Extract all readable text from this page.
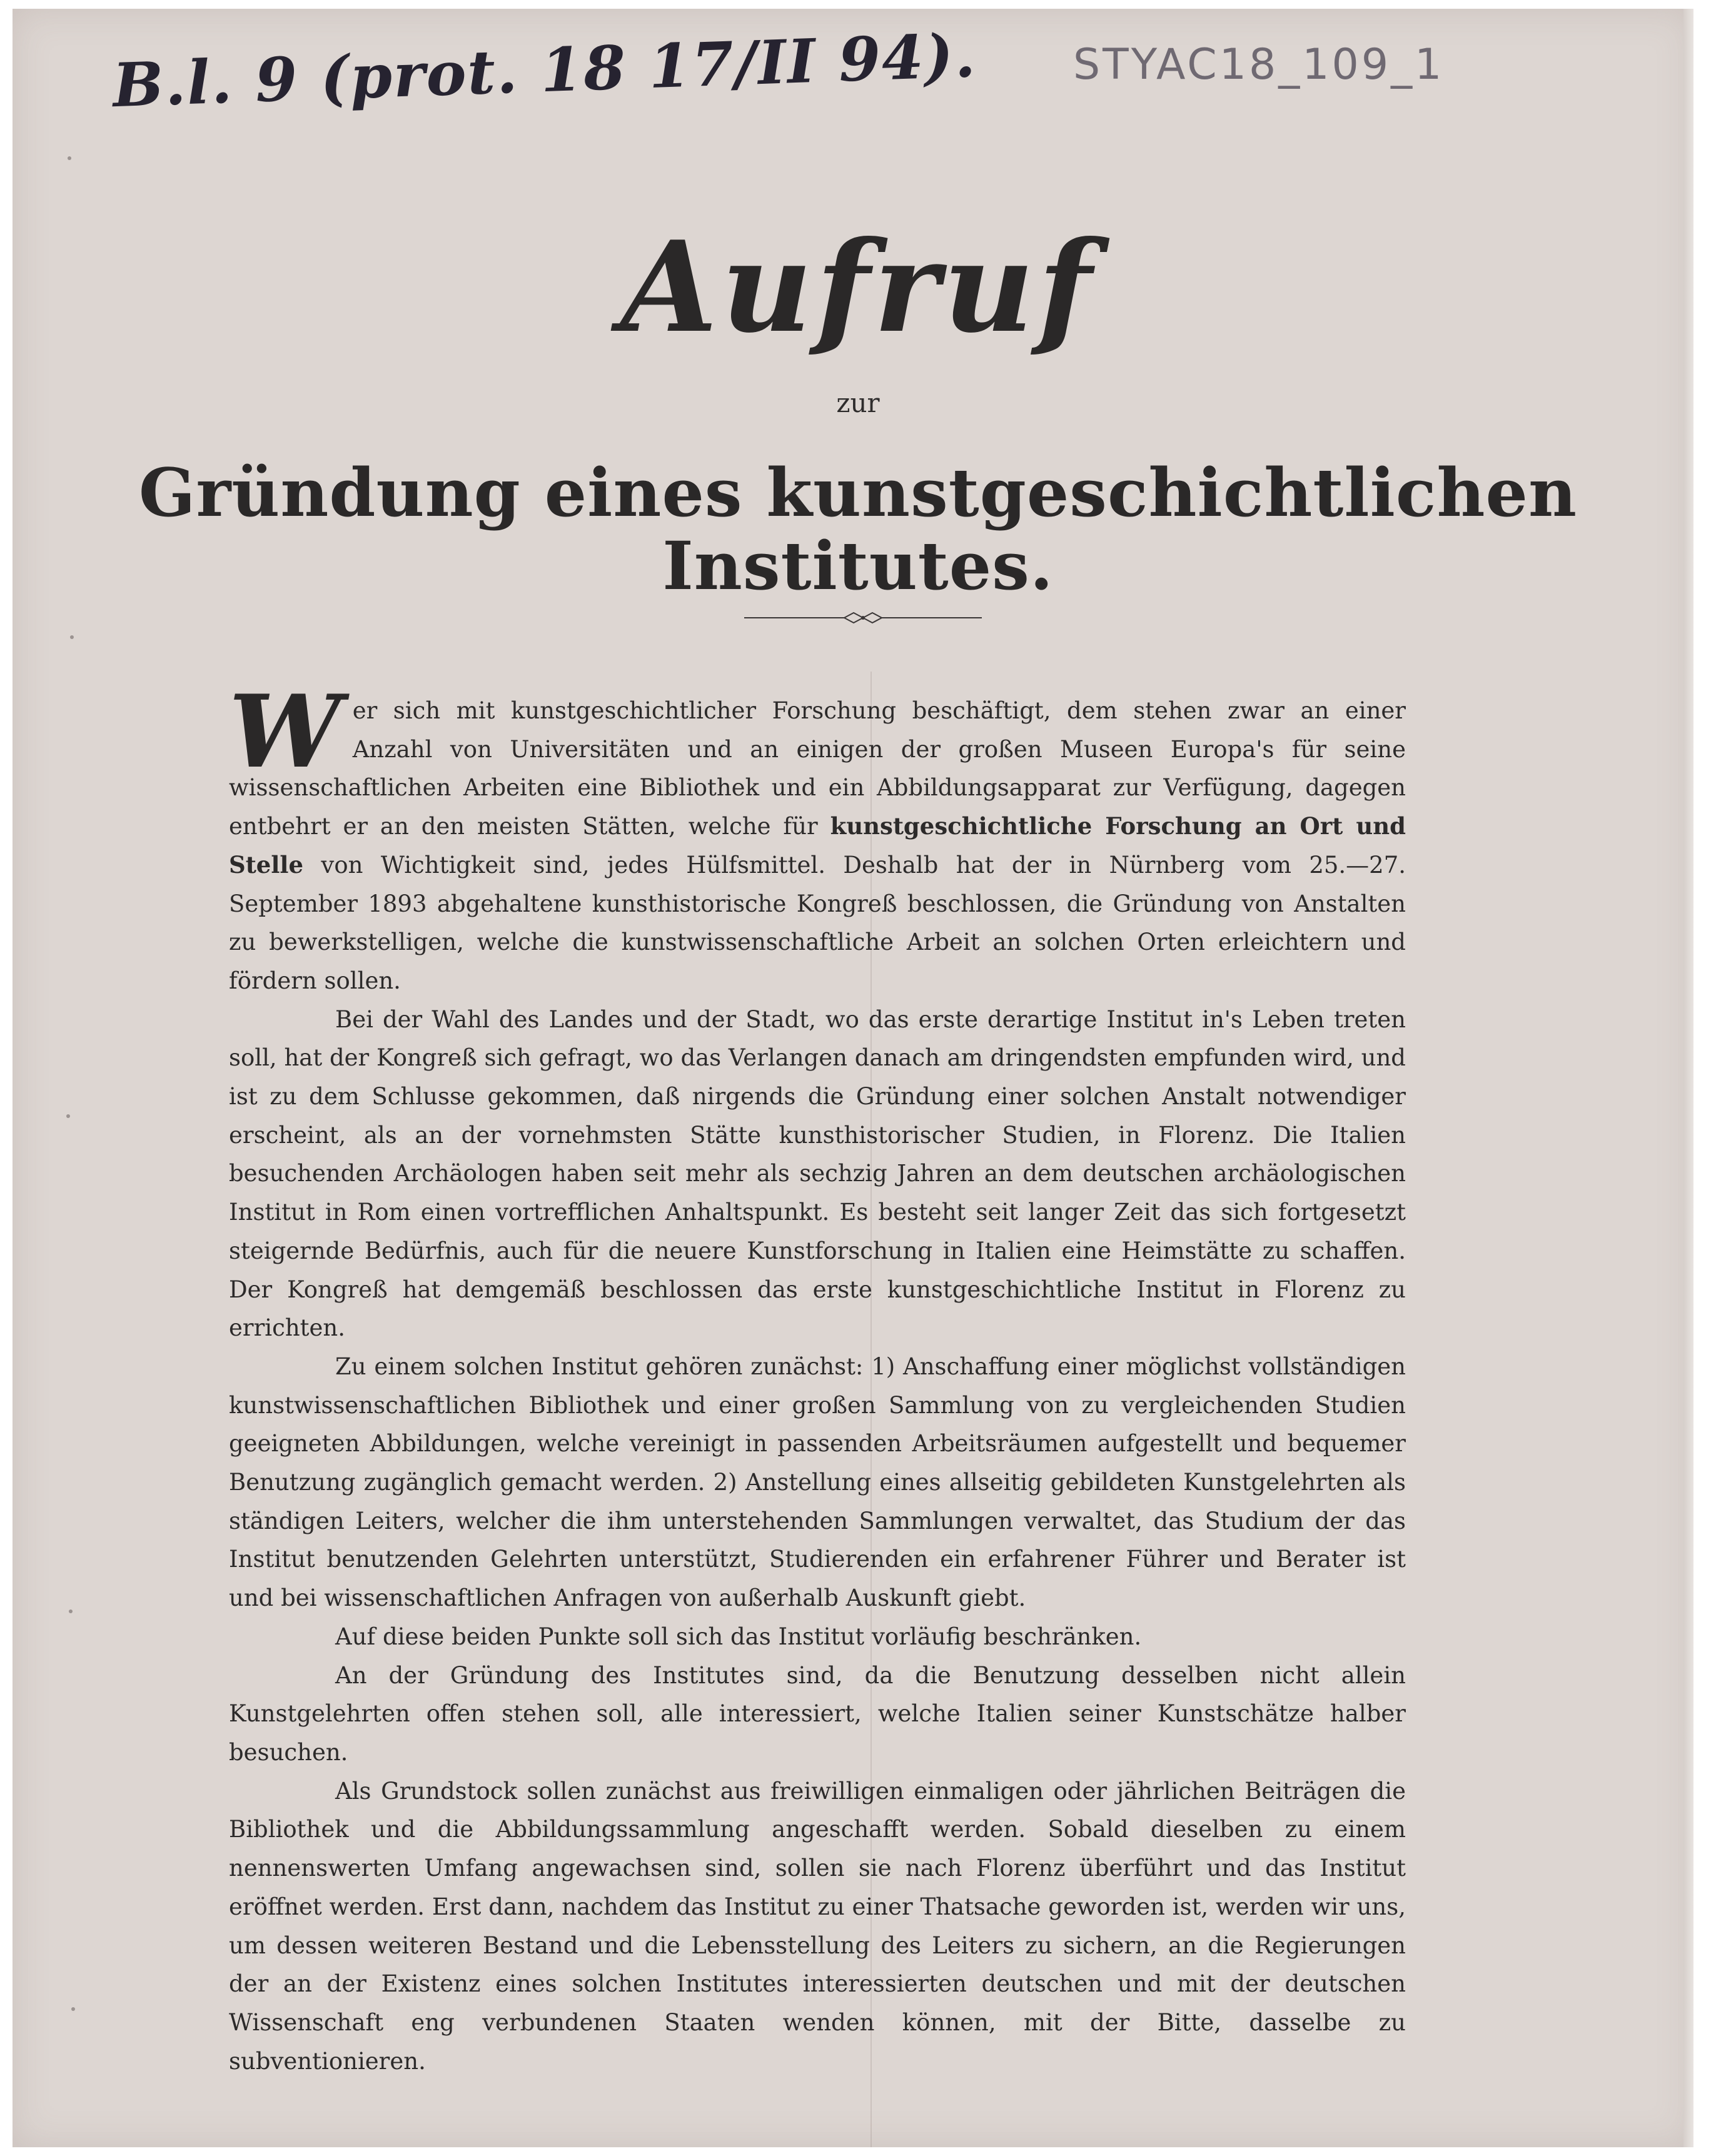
B.l. 9 (prot. 18 17/II 94). STYAC18_109_1
Aufruf
zur
Gründung eines kunstgeschichtlichen Institutes.

W er sich mit kunstgeschichtlicher Forschung beschäftigt, dem stehen zwar an einer Anzahl von Universitäten und an einigen der großen Museen Europa's für seine wissenschaftlichen Arbeiten eine Bibliothek und ein Abbildungsapparat zur Verfügung, dagegen entbehrt er an den meisten Stätten, welche für kunstgeschichtliche Forschung an Ort und Stelle von Wichtigkeit sind, jedes Hülfsmittel. Deshalb hat der in Nürnberg vom 25.—27. September 1893 abgehaltene kunsthistorische Kongreß beschlossen, die Gründung von Anstalten zu bewerkstelligen, welche die kunstwissenschaftliche Arbeit an solchen Orten erleichtern und fördern sollen.

Bei der Wahl des Landes und der Stadt, wo das erste derartige Institut in's Leben treten soll, hat der Kongreß sich gefragt, wo das Verlangen danach am dringendsten empfunden wird, und ist zu dem Schlusse gekommen, daß nirgends die Gründung einer solchen Anstalt notwendiger erscheint, als an der vornehmsten Stätte kunsthistorischer Studien, in Florenz. Die Italien besuchenden Archäologen haben seit mehr als sechzig Jahren an dem deutschen archäologischen Institut in Rom einen vortrefflichen Anhaltspunkt. Es besteht seit langer Zeit das sich fortgesetzt steigernde Bedürfnis, auch für die neuere Kunstforschung in Italien eine Heimstätte zu schaffen. Der Kongreß hat demgemäß beschlossen das erste kunstgeschichtliche Institut in Florenz zu errichten.

Zu einem solchen Institut gehören zunächst: 1) Anschaffung einer möglichst vollständigen kunstwissenschaftlichen Bibliothek und einer großen Sammlung von zu vergleichenden Studien geeigneten Abbildungen, welche vereinigt in passenden Arbeitsräumen aufgestellt und bequemer Benutzung zugänglich gemacht werden. 2) Anstellung eines allseitig gebildeten Kunstgelehrten als ständigen Leiters, welcher die ihm unterstehenden Sammlungen verwaltet, das Studium der das Institut benutzenden Gelehrten unterstützt, Studierenden ein erfahrener Führer und Berater ist und bei wissenschaftlichen Anfragen von außerhalb Auskunft giebt.

Auf diese beiden Punkte soll sich das Institut vorläufig beschränken.

An der Gründung des Institutes sind, da die Benutzung desselben nicht allein Kunstgelehrten offen stehen soll, alle interessiert, welche Italien seiner Kunstschätze halber besuchen.

Als Grundstock sollen zunächst aus freiwilligen einmaligen oder jährlichen Beiträgen die Bibliothek und die Abbildungssammlung angeschafft werden. Sobald dieselben zu einem nennenswerten Umfang angewachsen sind, sollen sie nach Florenz überführt und das Institut eröffnet werden. Erst dann, nachdem das Institut zu einer Thatsache geworden ist, werden wir uns, um dessen weiteren Bestand und die Lebensstellung des Leiters zu sichern, an die Regierungen der an der Existenz eines solchen Institutes interessierten deutschen und mit der deutschen Wissenschaft eng verbundenen Staaten wenden können, mit der Bitte, dasselbe zu subventionieren.
